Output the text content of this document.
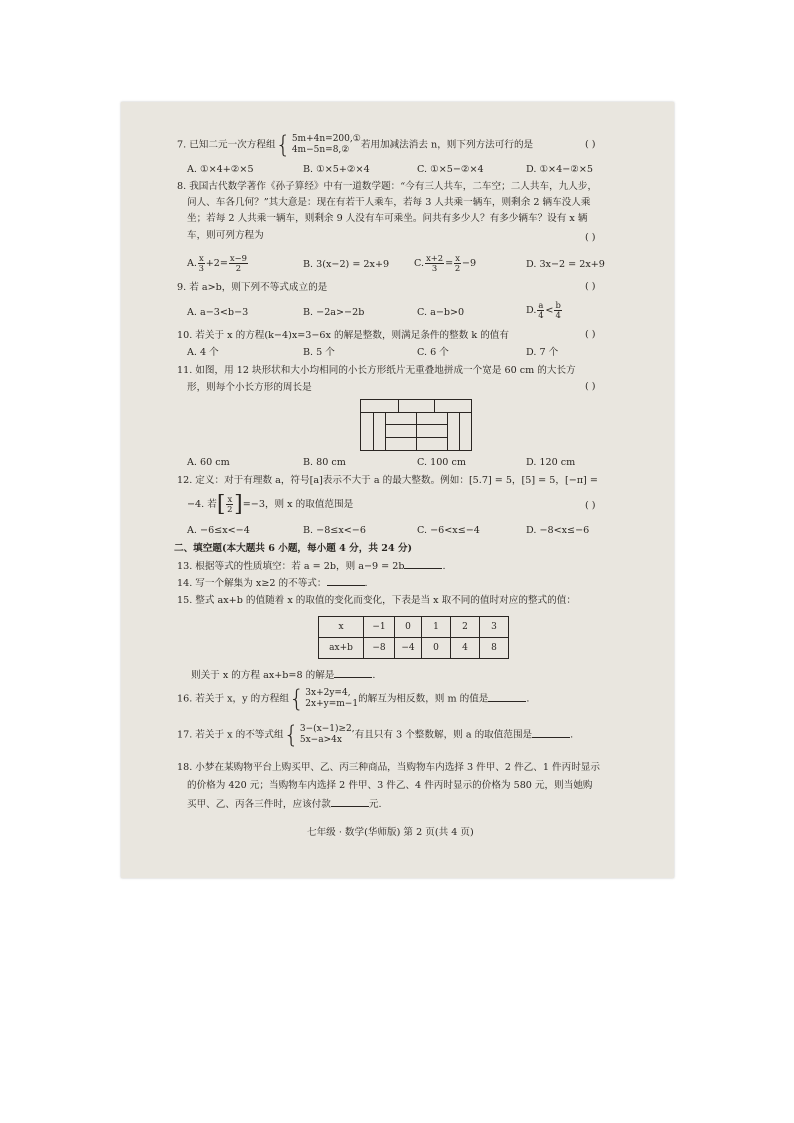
7. 已知二元一次方程组 { 5m+4n=200,①
4m−5n=8,②	若用加减法消去 n，则下列方法可行的是	( )
A. ①×4+②×5	B. ①×5+②×4	C. ①×5−②×4	D. ①×4−②×5
8. 我国古代数学著作《孙子算经》中有一道数学题：“今有三人共车，二车空；二人共车，九人步，
问人、车各几何？”其大意是：现在有若干人乘车，若每 3 人共乘一辆车，则剩余 2 辆车没人乘
坐；若每 2 人共乘一辆车，则剩余 9 人没有车可乘坐。问共有多少人？有多少辆车？设有 x 辆
车，则可列方程为	( )
A. $\frac{x}{3} +2= \frac{x-9}{2}$	B. 3(x−2) = 2x+9	C. $\frac{x+2}{3} = \frac{x}{2} -9$	D. 3x−2 = 2x+9
9. 若 a>b，则下列不等式成立的是	( )
A. a−3<b−3	B. −2a>−2b	C. a−b>0	D. $\frac{a}{4} < \frac{b}{4}$
10. 若关于 x 的方程(k−4)x=3−6x 的解是整数，则满足条件的整数 k 的值有	( )
A. 4 个	B. 5 个	C. 6 个	D. 7 个
11. 如图，用 12 块形状和大小均相同的小长方形纸片无重叠地拼成一个宽是 60 cm 的大长方
形，则每个小长方形的周长是	( )
A. 60 cm	B. 80 cm	C. 100 cm	D. 120 cm
12. 定义：对于有理数 a，符号[a]表示不大于 a 的最大整数。例如：[5.7] = 5，[5] = 5，[−π] =
−4. 若[ $\frac{x}{2} ]=-3$，则 x 的取值范围是	( )
A. −6≤x<−4	B. −8≤x<−6	C. −6<x≤−4	D. −8<x≤−6
二、填空题(本大题共 6 小题，每小题 4 分，共 24 分)
13. 根据等式的性质填空：若 a = 2b，则 a−9 = 2b	.
14. 写一个解集为 x≥2 的不等式：	.
15. 整式 ax+b 的值随着 x 的取值的变化而变化，下表是当 x 取不同的值时对应的整式的值：
x	−1	0	1	2	3
ax+b	−8	−4	0	4	8
则关于 x 的方程 ax+b=8 的解是	.
16. 若关于 x，y 的方程组 { 3x+2y=4,
2x+y=m−1 的解互为相反数，则 m 的值是	.
17. 若关于 x 的不等式组 { 3−(x−1)≥2,
5x−a>4x	有且只有 3 个整数解，则 a 的取值范围是	.
18. 小梦在某购物平台上购买甲、乙、丙三种商品，当购物车内选择 3 件甲、2 件乙、1 件丙时显示
的价格为 420 元；当购物车内选择 2 件甲、3 件乙、4 件丙时显示的价格为 580 元，则当她购
买甲、乙、丙各三件时，应该付款	元.
七年级 · 数学(华师版) 第 2 页(共 4 页)
